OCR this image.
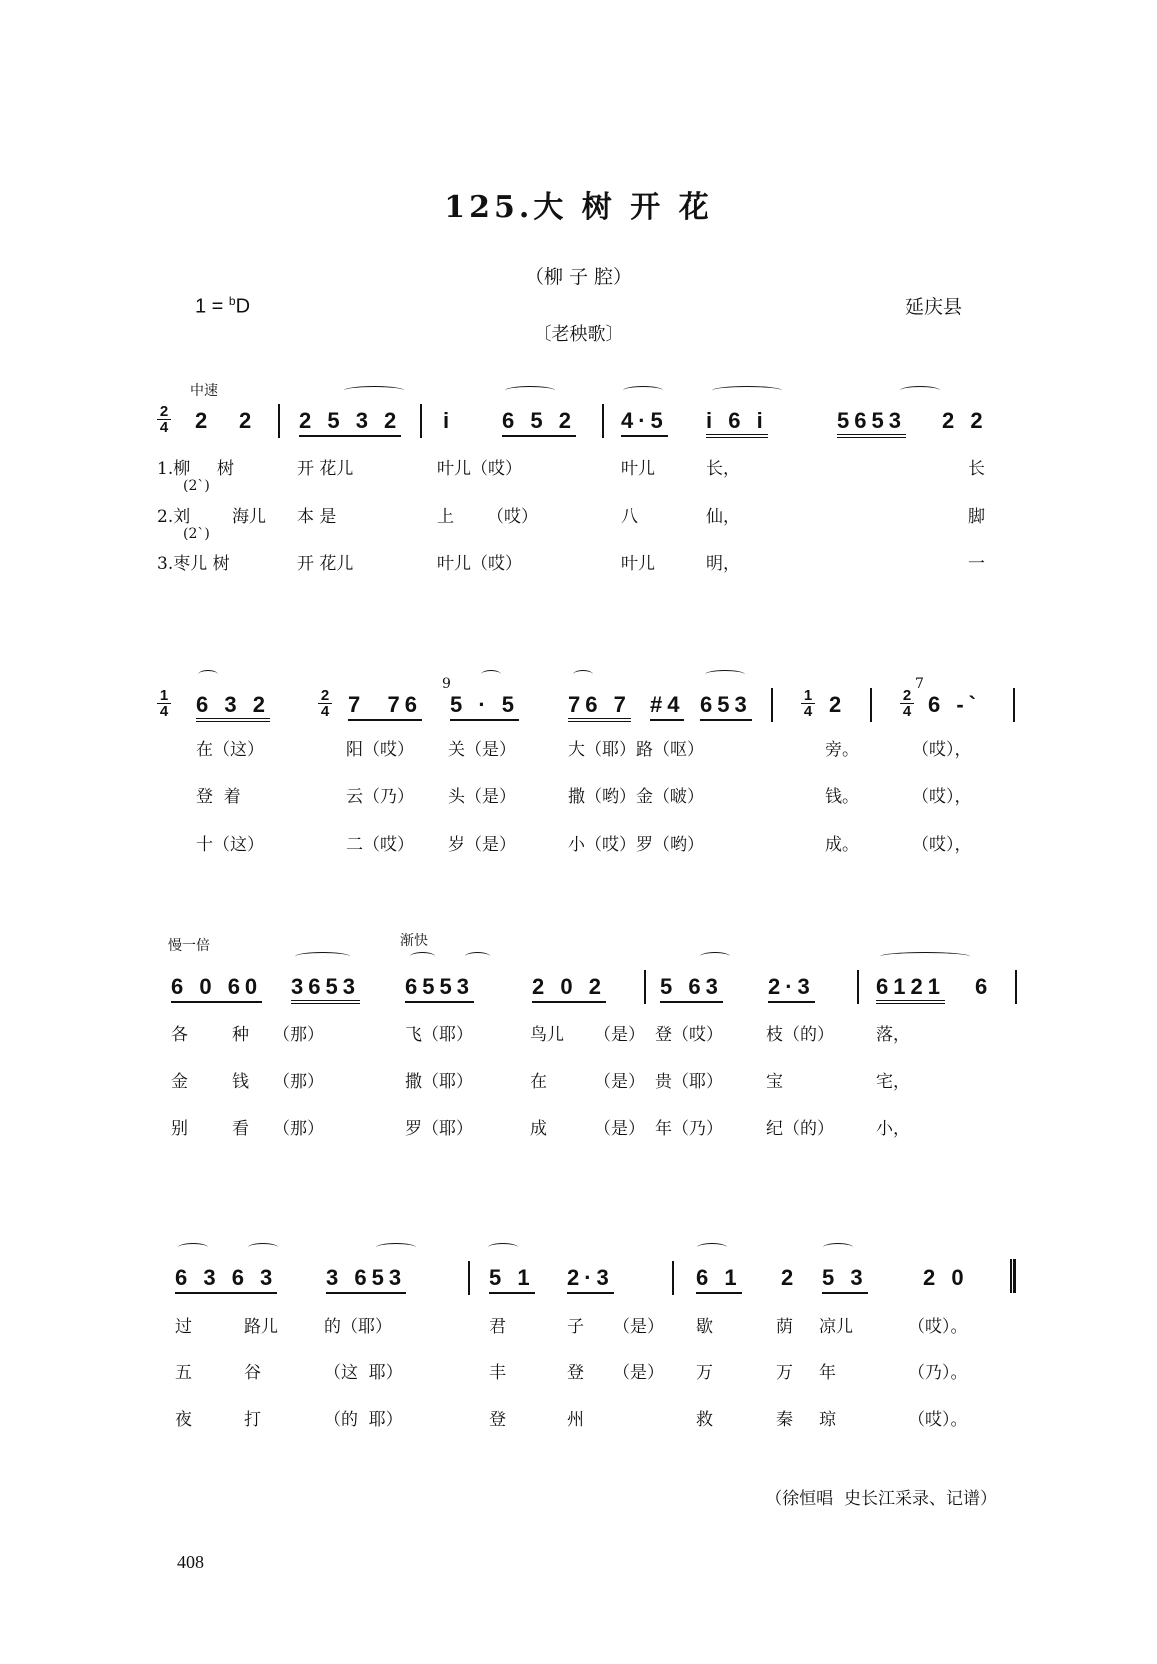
125.大 树 开 花
（柳 子 腔）
1 = $^b$D	延庆县
〔老秧歌〕
中速
慢一倍	渐快
2
4 2 2 2 5 3 2 i 6 5 2 4·5 i 6 i	5653 2 2
(2`)
(2`)
1.柳 树	开 花儿	叶儿（哎）	叶儿	长，	长
2.刘 海儿 本 是	上 （哎）	八	仙，	脚
3.枣儿 树	开 花儿	叶儿（哎）	叶儿	明，	一
1
4
2
4
1
4
2
4
6 3 2	7  76 5 · 5 76 7 #4 653	2	6 -`
9	7
在（这）	阳（哎） 关（是）	大（耶）路（呕）	旁。	（哎），
登  着	云（乃） 头（是）	撒（哟）金（啵）	钱。	（哎），
十（这）	二（哎） 岁（是）	小（哎）罗（哟）	成。	（哎），
6 0 60 3653 6553	2 0 2 5 63 2·3	6121 6
各	种 （那）	飞（耶）	鸟儿 （是） 登（哎）	枝（的） 落，
金	钱 （那）	撒（耶）	在	（是） 贵（耶）	宝	宅，
别	看 （那）	罗（耶）	成	（是） 年（乃）	纪（的） 小，
6 3 6 3 3 653	5 1 2·3	6 1 2 5 3	2 0
过	路儿	的（耶）	君	子 （是） 歇	荫 凉儿	（哎）。
五	谷	（这  耶）	丰	登 （是） 万	万 年	（乃）。
夜	打	（的  耶）	登	州	救	秦 琼	（哎）。
（徐恒唱  史长江采录、记谱）
408
